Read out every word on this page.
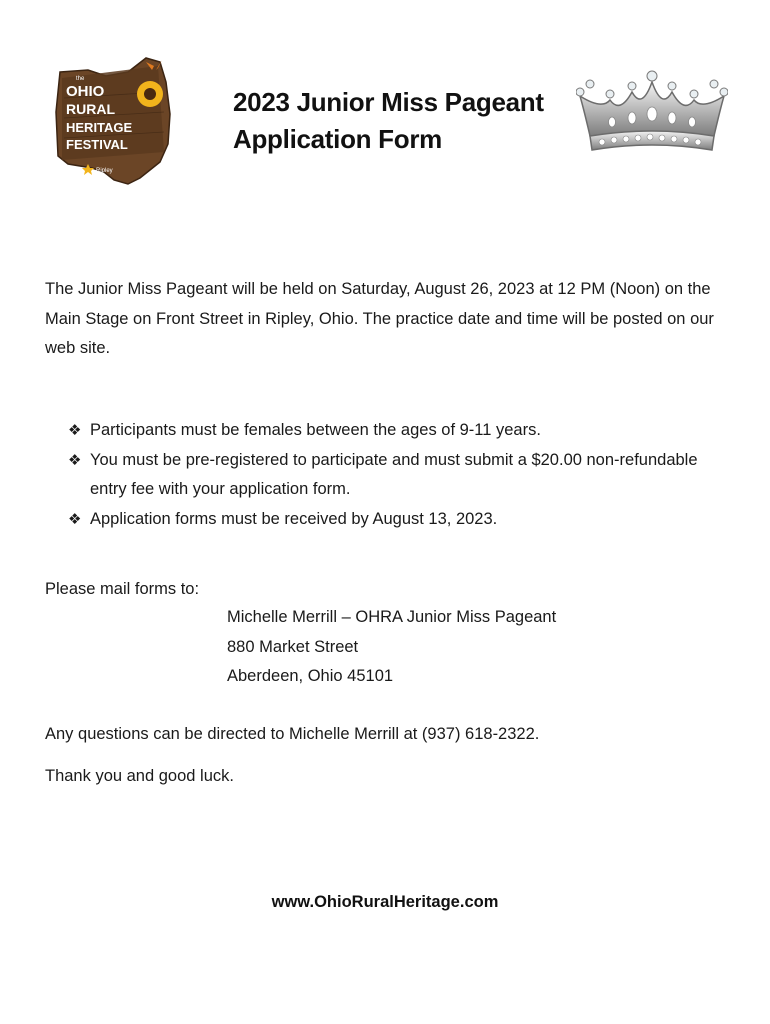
the
OHIO
RURAL
HERITAGE
FESTIVAL
Ripley
2023 Junior Miss Pageant
Application Form

The Junior Miss Pageant will be held on Saturday, August 26, 2023 at 12 PM (Noon) on the Main Stage on Front Street in Ripley, Ohio. The practice date and time will be posted on our web site.

❖ Participants must be females between the ages of 9-11 years.
❖ You must be pre-registered to participate and must submit a $20.00 non-refundable entry fee with your application form.
❖ Application forms must be received by August 13, 2023.

Please mail forms to:

Michelle Merrill – OHRA Junior Miss Pageant
880 Market Street
Aberdeen, Ohio 45101

Any questions can be directed to Michelle Merrill at (937) 618-2322.

Thank you and good luck.

www.OhioRuralHeritage.com
